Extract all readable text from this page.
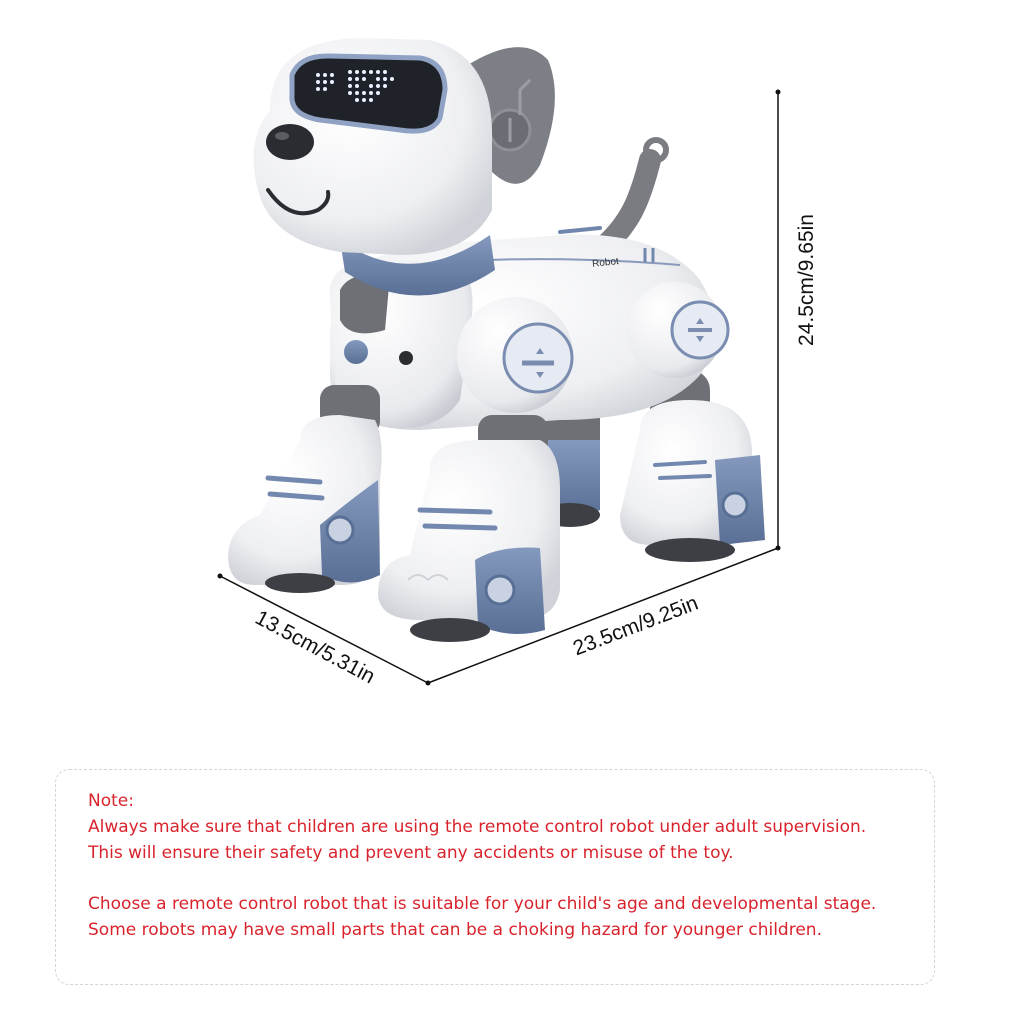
Robot	24.5cm/9.65in
23.5cm/9.25in
13.5cm/5.31in

Note:

Always make sure that children are using the remote control robot under adult supervision.

This will ensure their safety and prevent any accidents or misuse of the toy.

Choose a remote control robot that is suitable for your child's age and developmental stage.

Some robots may have small parts that can be a choking hazard for younger children.
